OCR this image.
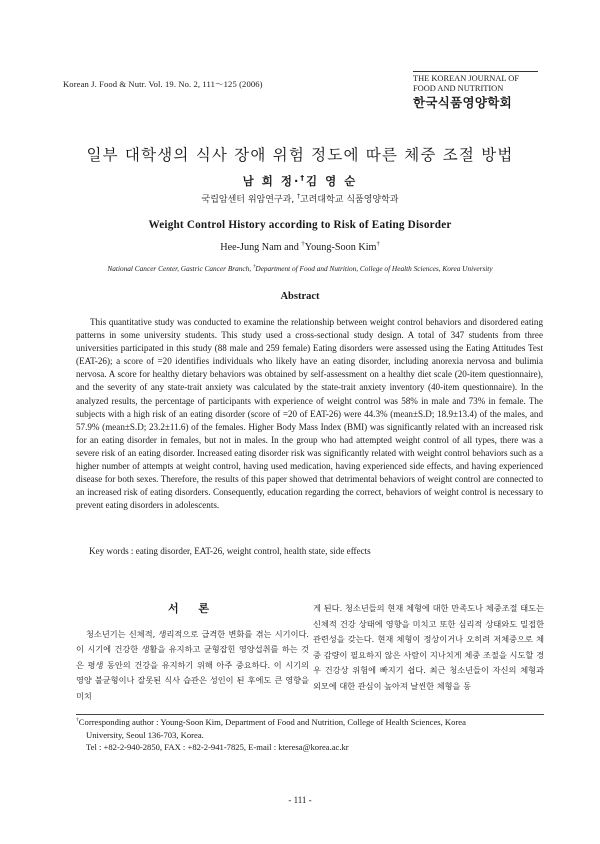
Korean J. Food & Nutr. Vol. 19. No. 2, 111～125 (2006)
THE KOREAN JOURNAL OF
FOOD AND NUTRITION
한국식품영양학회
일부 대학생의 식사 장애 위험 정도에 따른 체중 조절 방법
남 희 정·†김 영 순
국립암센터 위암연구과, †고려대학교 식품영양학과
Weight Control History according to Risk of Eating Disorder
Hee-Jung Nam and †Young-Soon Kim†
National Cancer Center, Gastric Cancer Branch, †Department of Food and Nutrition, College of Health Sciences, Korea University
Abstract
This quantitative study was conducted to examine the relationship between weight control behaviors and disordered eating patterns in some university students. This study used a cross-sectional study design. A total of 347 students from three universities participated in this study (88 male and 259 female) Eating disorders were assessed using the Eating Attitudes Test (EAT-26); a score of =20 identifies individuals who likely have an eating disorder, including anorexia nervosa and bulimia nervosa. A score for healthy dietary behaviors was obtained by self-assessment on a healthy diet scale (20-item questionnaire), and the severity of any state-trait anxiety was calculated by the state-trait anxiety inventory (40-item questionnaire). In the analyzed results, the percentage of participants with experience of weight control was 58% in male and 73% in female. The subjects with a high risk of an eating disorder (score of =20 of EAT-26) were 44.3% (mean±S.D; 18.9±13.4) of the males, and 57.9% (mean±S.D; 23.2±11.6) of the females. Higher Body Mass Index (BMI) was significantly related with an increased risk for an eating disorder in females, but not in males. In the group who had attempted weight control of all types, there was a severe risk of an eating disorder. Increased eating disorder risk was significantly related with weight control behaviors such as a higher number of attempts at weight control, having used medication, having experienced side effects, and having experienced disease for both sexes. Therefore, the results of this paper showed that detrimental behaviors of weight control are connected to an increased risk of eating disorders. Consequently, education regarding the correct, behaviors of weight control is necessary to prevent eating disorders in adolescents.
Key words : eating disorder, EAT-26, weight control, health state, side effects
서 론
청소년기는 신체적, 생리적으로 급격한 변화를 겪는 시기이다. 이 시기에 건강한 생활을 유지하고 균형잡힌 영양섭취를 하는 것은 평생 동안의 건강을 유지하기 위해 아주 중요하다. 이 시기의 영양 불균형이나 잘못된 식사 습관은 성인이 된 후에도 큰 영향을 미치
게 된다. 청소년들의 현재 체형에 대한 만족도나 체중조절 태도는 신체적 건강 상태에 영향을 미치고 또한 심리적 상태와도 밀접한 관련성을 갖는다. 현재 체형이 정상이거나 오히려 저체중으로 체중 감량이 필요하지 않은 사람이 지나치게 체중 조절을 시도할 경우 건강상 위험에 빠지기 쉽다. 최근 청소년들이 자신의 체형과 외모에 대한 관심이 높아져 날씬한 체형을 동
†Corresponding author : Young-Soon Kim, Department of Food and Nutrition, College of Health Sciences, Korea
University, Seoul 136-703, Korea.
Tel : +82-2-940-2850, FAX : +82-2-941-7825, E-mail : kteresa@korea.ac.kr
- 111 -
